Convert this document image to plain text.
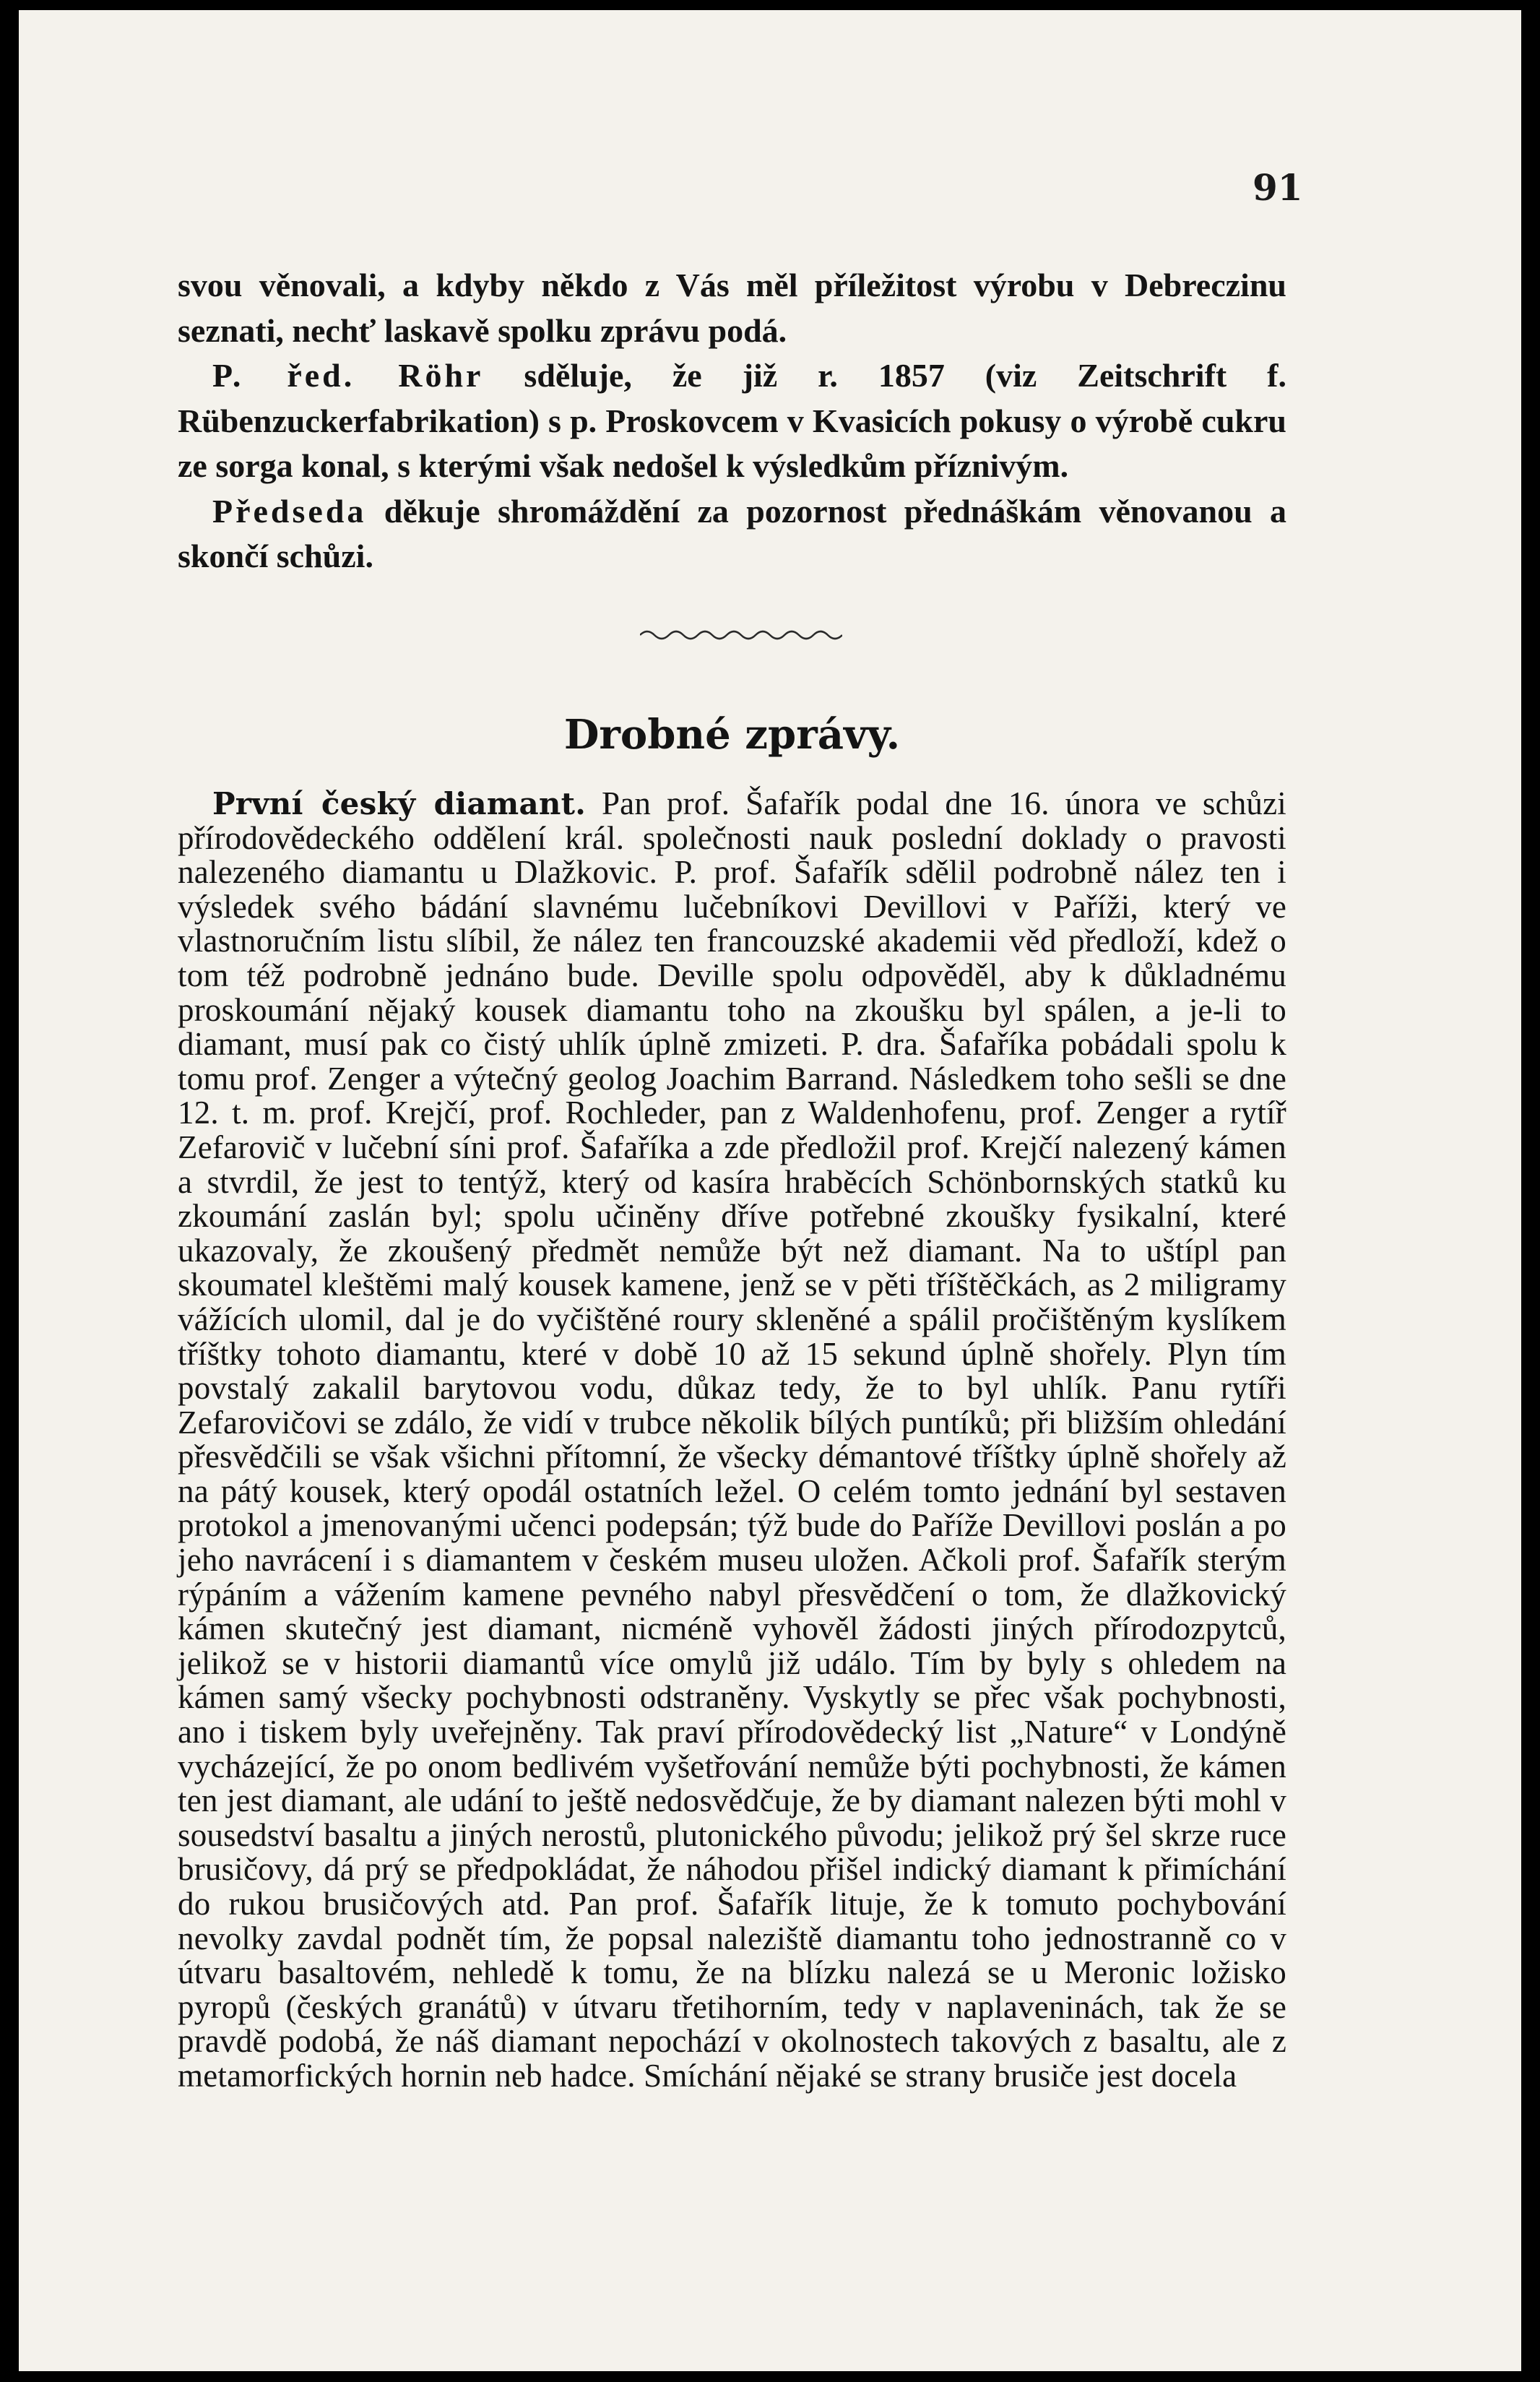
91

svou věnovali, a kdyby někdo z Vás měl příležitost výrobu v Debreczinu seznati, nechť laskavě spolku zprávu podá.

P. řed. Röhr sděluje, že již r. 1857 (viz Zeitschrift f. Rübenzuckerfabrikation) s p. Proskovcem v Kvasicích pokusy o výrobě cukru ze sorga konal, s kterými však nedošel k výsledkům příznivým.

Předseda děkuje shromáždění za pozornost přednáškám věnovanou a skončí schůzi.

Drobné zprávy.

První český diamant. Pan prof. Šafařík podal dne 16. února ve schůzi přírodovědeckého oddělení král. společnosti nauk poslední doklady o pravosti nalezeného diamantu u Dlažkovic. P. prof. Šafařík sdělil podrobně nález ten i výsledek svého bádání slavnému lučebníkovi Devillovi v Paříži, který ve vlastnoručním listu slíbil, že nález ten francouzské akademii věd předloží, kdež o tom též podrobně jednáno bude. Deville spolu odpověděl, aby k důkladnému proskoumání nějaký kousek diamantu toho na zkoušku byl spálen, a je-li to diamant, musí pak co čistý uhlík úplně zmizeti. P. dra. Šafaříka pobádali spolu k tomu prof. Zenger a výtečný geolog Joachim Barrand. Následkem toho sešli se dne 12. t. m. prof. Krejčí, prof. Rochleder, pan z Waldenhofenu, prof. Zenger a rytíř Zefarovič v lučební síni prof. Šafaříka a zde předložil prof. Krejčí nalezený kámen a stvrdil, že jest to tentýž, který od kasíra hraběcích Schönbornských statků ku zkoumání zaslán byl; spolu učiněny dříve potřebné zkoušky fysikalní, které ukazovaly, že zkoušený předmět nemůže být než diamant. Na to uštípl pan skoumatel kleštěmi malý kousek kamene, jenž se v pěti tříštěčkách, as 2 miligramy vážících ulomil, dal je do vyčištěné roury skleněné a spálil pročištěným kyslíkem tříštky tohoto diamantu, které v době 10 až 15 sekund úplně shořely. Plyn tím povstalý zakalil barytovou vodu, důkaz tedy, že to byl uhlík. Panu rytíři Zefarovičovi se zdálo, že vidí v trubce několik bílých puntíků; při bližším ohledání přesvědčili se však všichni přítomní, že všecky démantové tříštky úplně shořely až na pátý kousek, který opodál ostatních ležel. O celém tomto jednání byl sestaven protokol a jmenovanými učenci podepsán; týž bude do Paříže Devillovi poslán a po jeho navrácení i s diamantem v českém museu uložen. Ačkoli prof. Šafařík sterým rýpáním a vážením kamene pevného nabyl přesvědčení o tom, že dlažkovický kámen skutečný jest diamant, nicméně vyhověl žádosti jiných přírodozpytců, jelikož se v historii diamantů více omylů již událo. Tím by byly s ohledem na kámen samý všecky pochybnosti odstraněny. Vyskytly se přec však pochybnosti, ano i tiskem byly uveřejněny. Tak praví přírodovědecký list „Nature“ v Londýně vycházející, že po onom bedlivém vyšetřování nemůže býti pochybnosti, že kámen ten jest diamant, ale udání to ještě nedosvědčuje, že by diamant nalezen býti mohl v sousedství basaltu a jiných nerostů, plutonického původu; jelikož prý šel skrze ruce brusičovy, dá prý se předpokládat, že náhodou přišel indický diamant k přimíchání do rukou brusičových atd. Pan prof. Šafařík lituje, že k tomuto pochybování nevolky zavdal podnět tím, že popsal naleziště diamantu toho jednostranně co v útvaru basaltovém, nehledě k tomu, že na blízku nalezá se u Meronic ložisko pyropů (českých granátů) v útvaru třetihorním, tedy v naplaveninách, tak že se pravdě podobá, že náš diamant nepochází v okolnostech takových z basaltu, ale z metamorfických hornin neb hadce. Smíchání nějaké se strany brusiče jest docela
